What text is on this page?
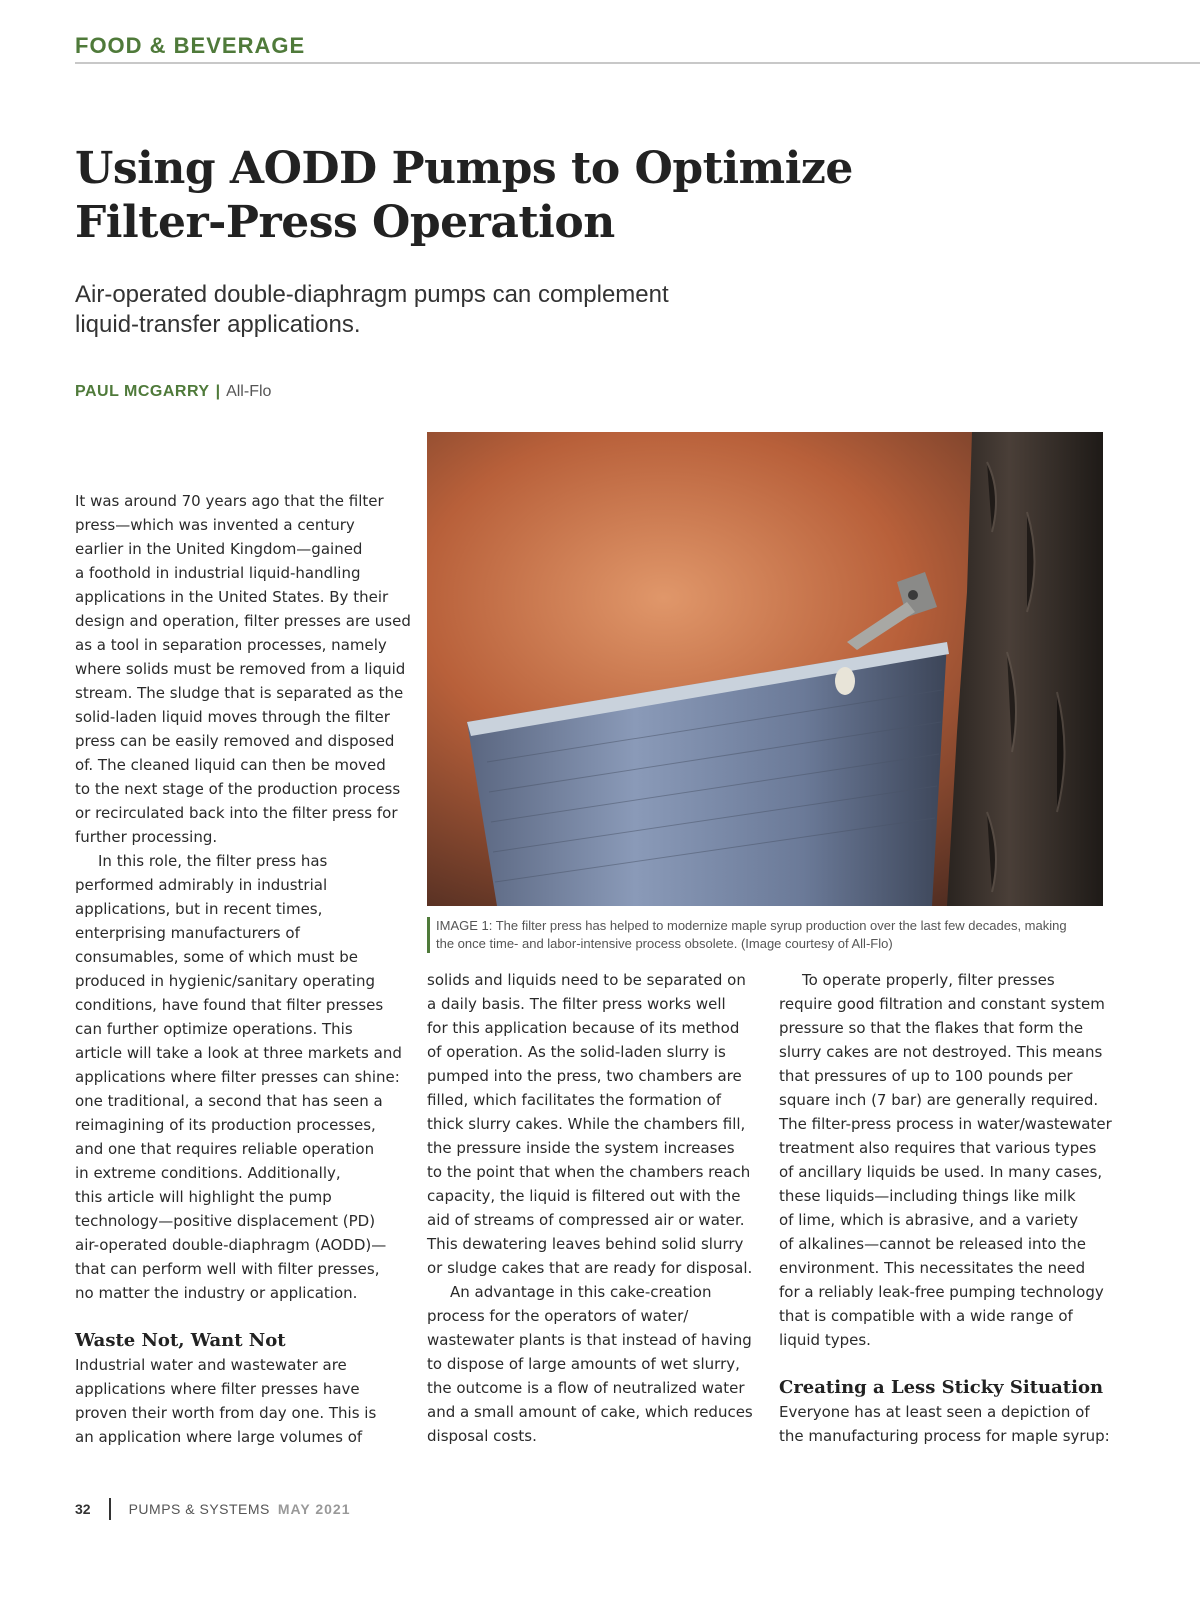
FOOD & BEVERAGE
Using AODD Pumps to Optimize
Filter-Press Operation
Air-operated double-diaphragm pumps can complement
liquid-transfer applications.
PAUL MCGARRY | All-Flo
IMAGE 1: The filter press has helped to modernize maple syrup production over the last few decades, making
the once time- and labor-intensive process obsolete. (Image courtesy of All-Flo)
It was around 70 years ago that the filter
press—which was invented a century
earlier in the United Kingdom—gained
a foothold in industrial liquid-handling
applications in the United States. By their
design and operation, filter presses are used
as a tool in separation processes, namely
where solids must be removed from a liquid
stream. The sludge that is separated as the
solid-laden liquid moves through the filter
press can be easily removed and disposed
of. The cleaned liquid can then be moved
to the next stage of the production process
or recirculated back into the filter press for
further processing.
In this role, the filter press has
performed admirably in industrial
applications, but in recent times,
enterprising manufacturers of
consumables, some of which must be
produced in hygienic/sanitary operating
conditions, have found that filter presses
can further optimize operations. This
article will take a look at three markets and
applications where filter presses can shine:
one traditional, a second that has seen a
reimagining of its production processes,
and one that requires reliable operation
in extreme conditions. Additionally,
this article will highlight the pump
technology—positive displacement (PD)
air-operated double-diaphragm (AODD)—
that can perform well with filter presses,
no matter the industry or application.
Waste Not, Want Not
Industrial water and wastewater are
applications where filter presses have
proven their worth from day one. This is
an application where large volumes of
solids and liquids need to be separated on
a daily basis. The filter press works well
for this application because of its method
of operation. As the solid-laden slurry is
pumped into the press, two chambers are
filled, which facilitates the formation of
thick slurry cakes. While the chambers fill,
the pressure inside the system increases
to the point that when the chambers reach
capacity, the liquid is filtered out with the
aid of streams of compressed air or water.
This dewatering leaves behind solid slurry
or sludge cakes that are ready for disposal.
An advantage in this cake-creation
process for the operators of water/
wastewater plants is that instead of having
to dispose of large amounts of wet slurry,
the outcome is a flow of neutralized water
and a small amount of cake, which reduces
disposal costs.
To operate properly, filter presses
require good filtration and constant system
pressure so that the flakes that form the
slurry cakes are not destroyed. This means
that pressures of up to 100 pounds per
square inch (7 bar) are generally required.
The filter-press process in water/wastewater
treatment also requires that various types
of ancillary liquids be used. In many cases,
these liquids—including things like milk
of lime, which is abrasive, and a variety
of alkalines—cannot be released into the
environment. This necessitates the need
for a reliably leak-free pumping technology
that is compatible with a wide range of
liquid types.
Creating a Less Sticky Situation
Everyone has at least seen a depiction of
the manufacturing process for maple syrup:
32	PUMPS & SYSTEMS MAY 2021
